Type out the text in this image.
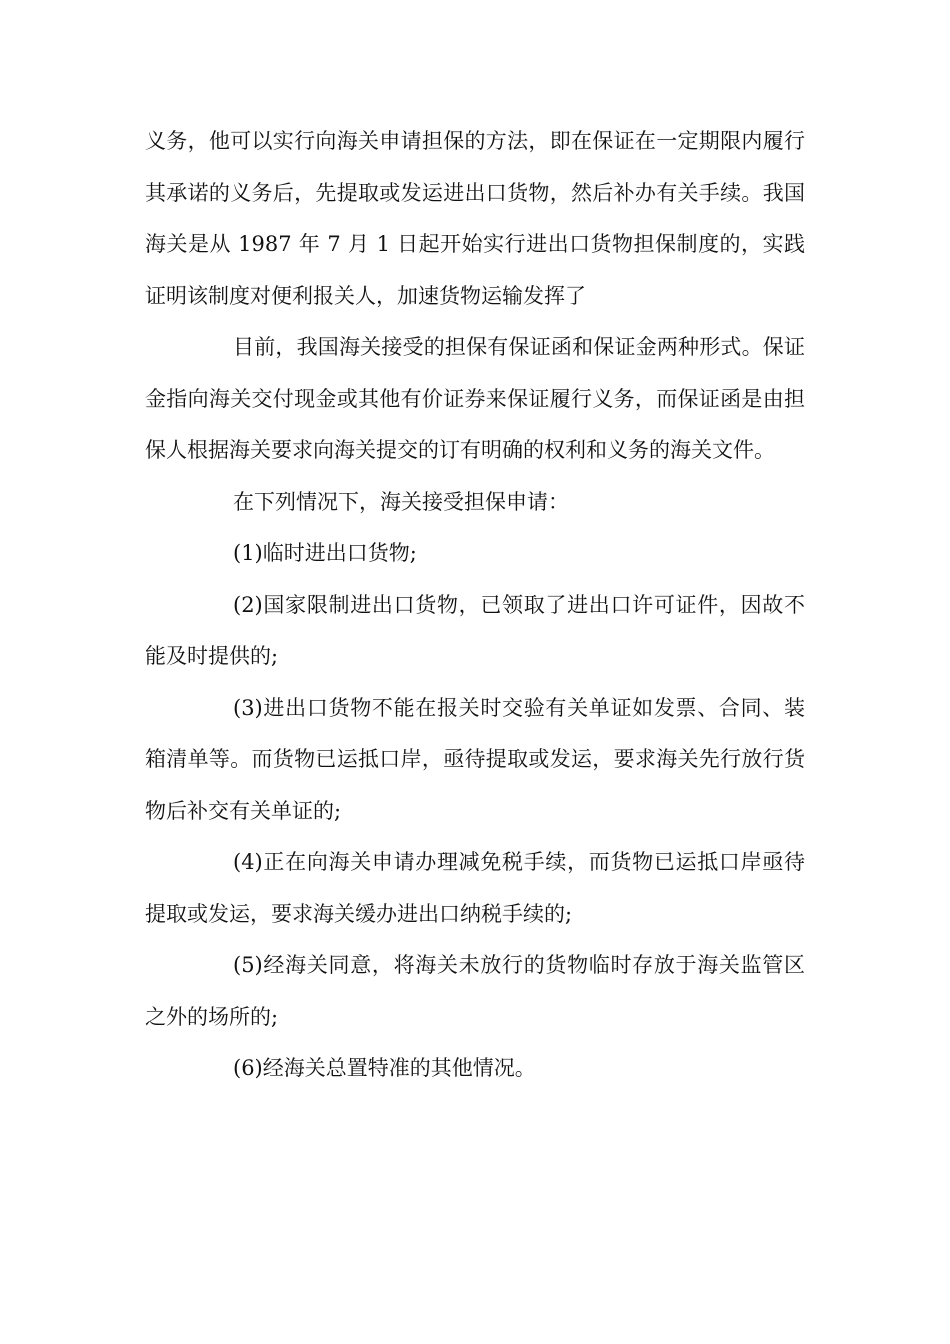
义务，他可以实行向海关申请担保的方法，即在保证在一定期限内履行其承诺的义务后，先提取或发运进出口货物，然后补办有关手续。我国海关是从 1987 年 7 月 1 日起开始实行进出口货物担保制度的，实践证明该制度对便利报关人，加速货物运输发挥了

目前，我国海关接受的担保有保证函和保证金两种形式。保证金指向海关交付现金或其他有价证券来保证履行义务，而保证函是由担保人根据海关要求向海关提交的订有明确的权利和义务的海关文件。

在下列情况下，海关接受担保申请：

(1)临时进出口货物;

(2)国家限制进出口货物，已领取了进出口许可证件，因故不能及时提供的;

(3)进出口货物不能在报关时交验有关单证如发票、合同、装箱清单等。而货物已运抵口岸，亟待提取或发运，要求海关先行放行货物后补交有关单证的;

(4)正在向海关申请办理减免税手续，而货物已运抵口岸亟待提取或发运，要求海关缓办进出口纳税手续的;

(5)经海关同意，将海关未放行的货物临时存放于海关监管区之外的场所的;

(6)经海关总置特准的其他情况。
